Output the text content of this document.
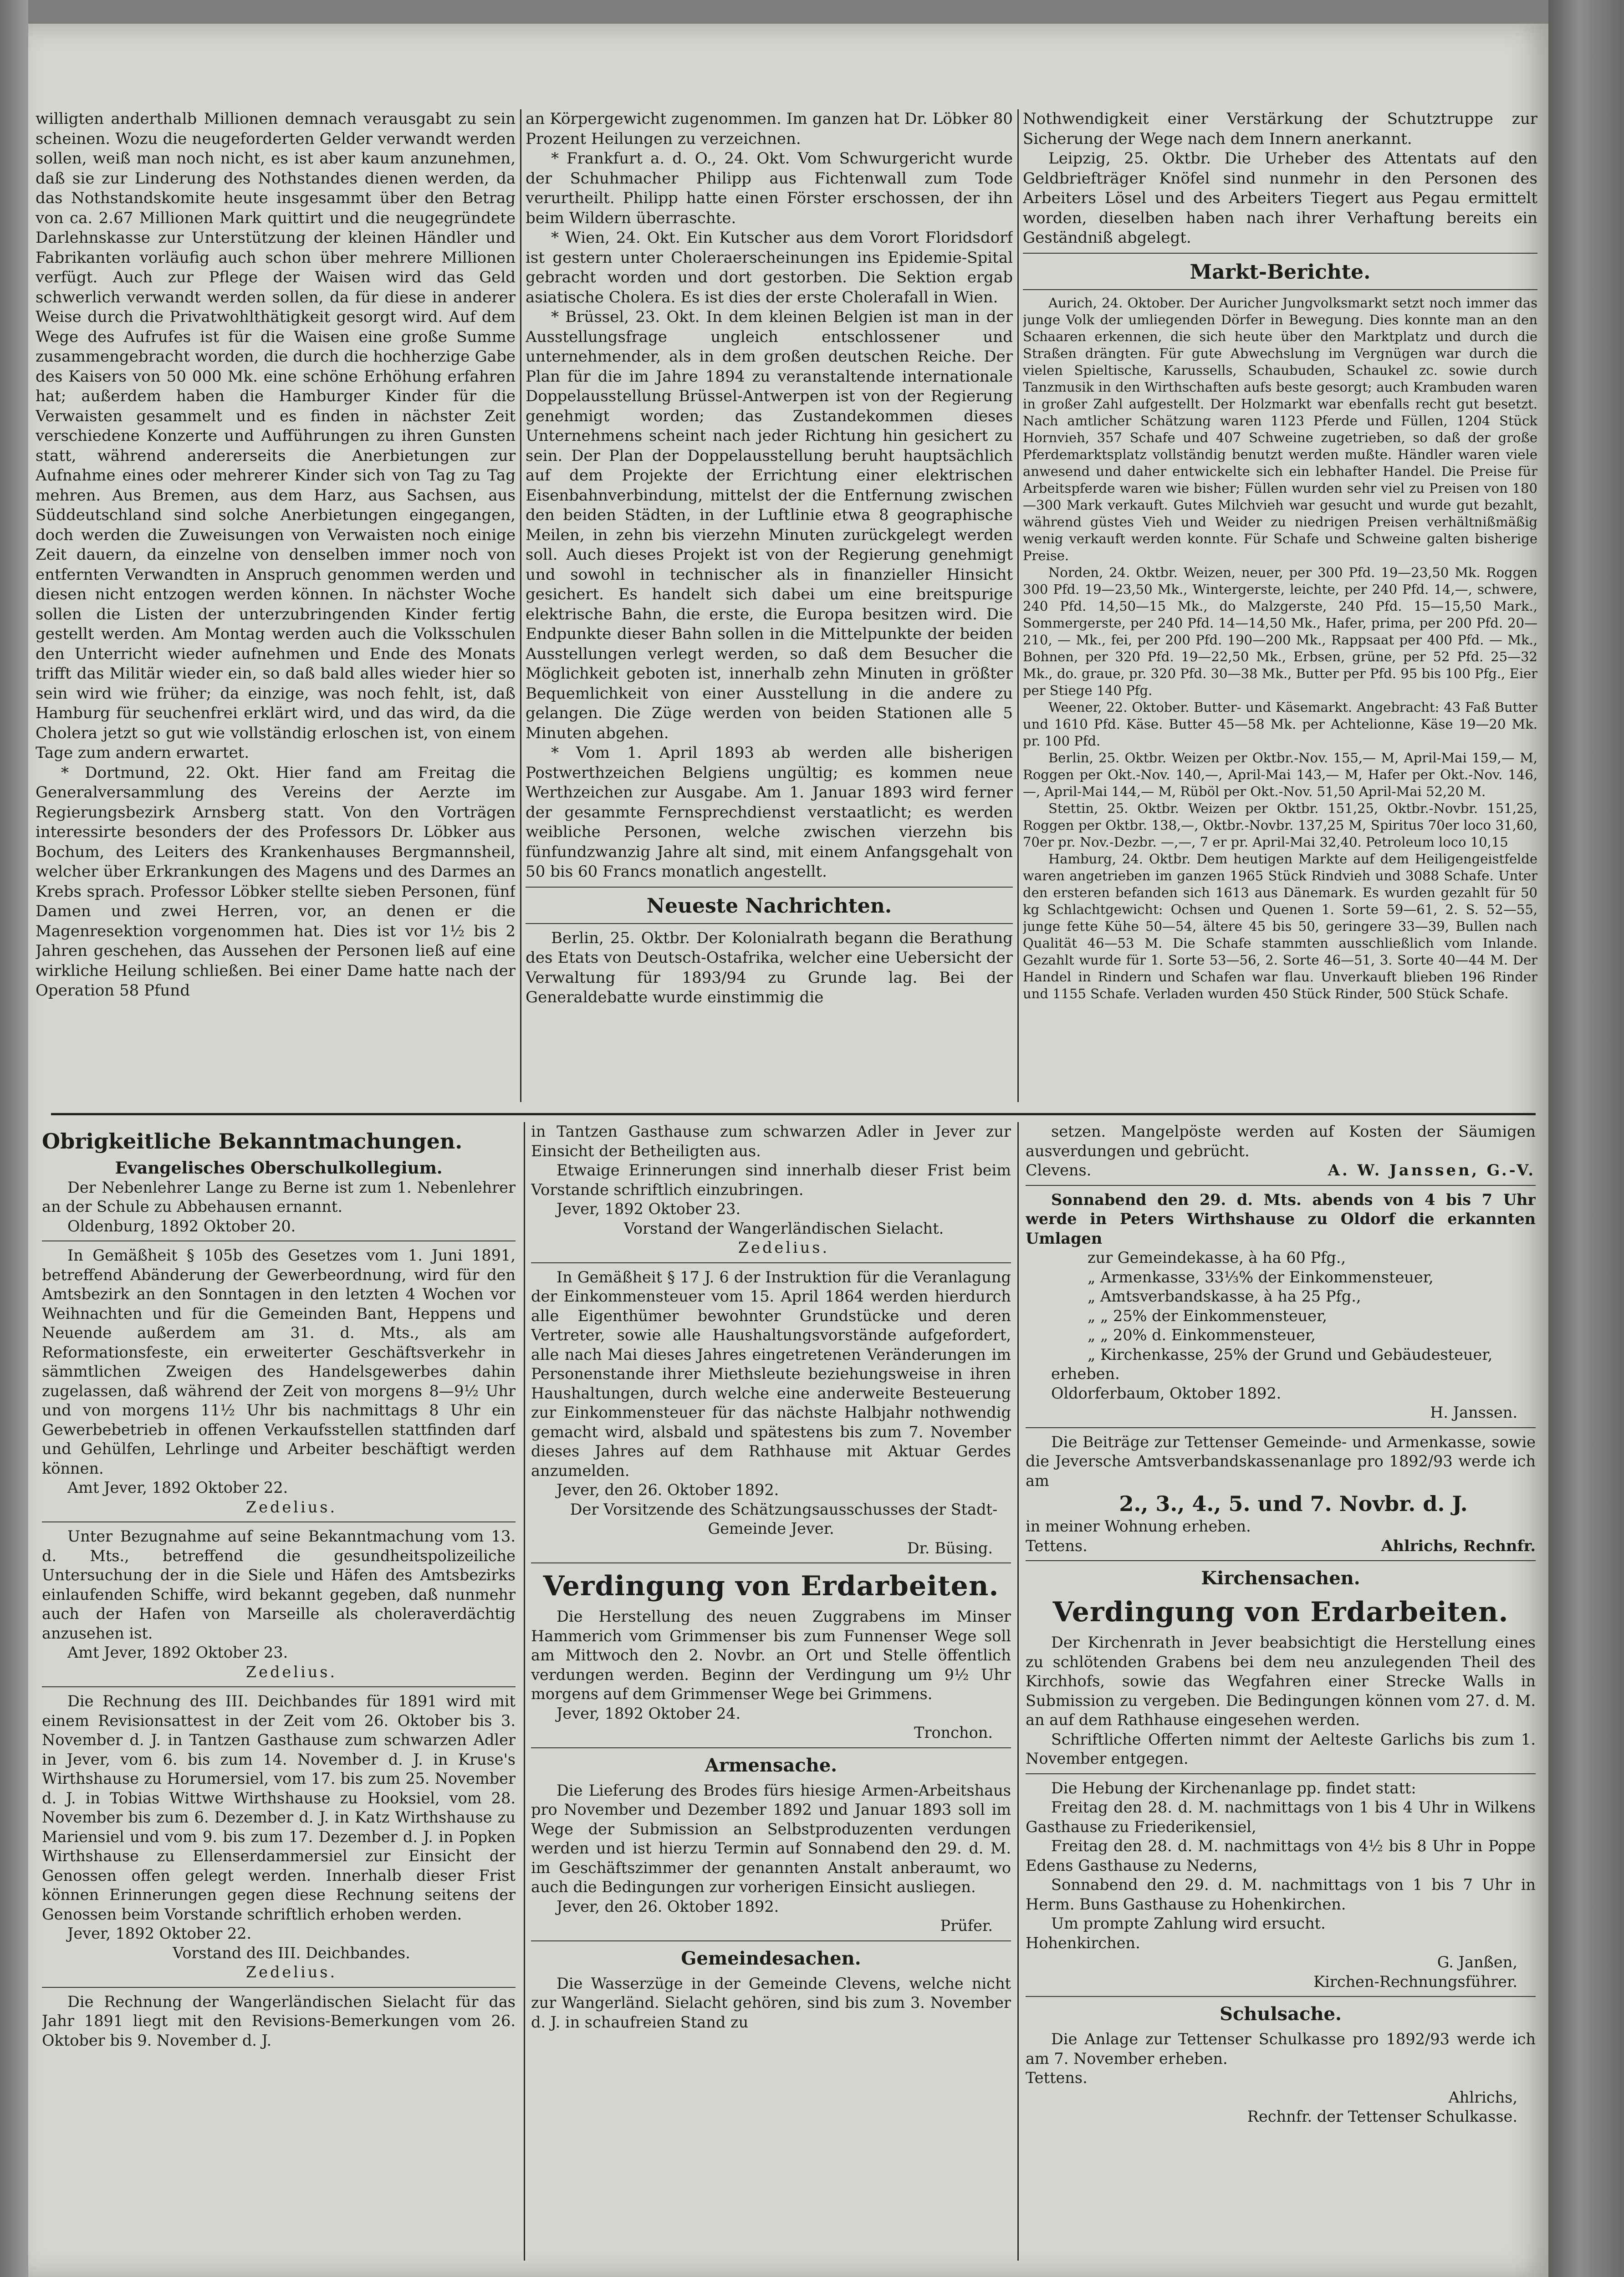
willigten anderthalb Millionen demnach verausgabt zu sein scheinen. Wozu die neugeforderten Gelder verwandt werden sollen, weiß man noch nicht, es ist aber kaum anzunehmen, daß sie zur Linderung des Nothstandes dienen werden, da das Nothstandskomite heute insgesammt über den Betrag von ca. 2.67 Millionen Mark quittirt und die neugegründete Darlehnskasse zur Unterstützung der kleinen Händler und Fabrikanten vorläufig auch schon über mehrere Millionen verfügt. Auch zur Pflege der Waisen wird das Geld schwerlich verwandt werden sollen, da für diese in anderer Weise durch die Privatwohlthätigkeit gesorgt wird. Auf dem Wege des Aufrufes ist für die Waisen eine große Summe zusammengebracht worden, die durch die hochherzige Gabe des Kaisers von 50 000 Mk. eine schöne Erhöhung erfahren hat; außerdem haben die Hamburger Kinder für die Verwaisten gesammelt und es finden in nächster Zeit verschiedene Konzerte und Aufführungen zu ihren Gunsten statt, während andererseits die Anerbietungen zur Aufnahme eines oder mehrerer Kinder sich von Tag zu Tag mehren. Aus Bremen, aus dem Harz, aus Sachsen, aus Süddeutschland sind solche Anerbietungen eingegangen, doch werden die Zuweisungen von Verwaisten noch einige Zeit dauern, da einzelne von denselben immer noch von entfernten Verwandten in Anspruch genommen werden und diesen nicht entzogen werden können. In nächster Woche sollen die Listen der unterzubringenden Kinder fertig gestellt werden. Am Montag werden auch die Volksschulen den Unterricht wieder aufnehmen und Ende des Monats trifft das Militär wieder ein, so daß bald alles wieder hier so sein wird wie früher; da einzige, was noch fehlt, ist, daß Hamburg für seuchenfrei erklärt wird, und das wird, da die Cholera jetzt so gut wie vollständig erloschen ist, von einem Tage zum andern erwartet.

* Dortmund, 22. Okt. Hier fand am Freitag die Generalversammlung des Vereins der Aerzte im Regierungsbezirk Arnsberg statt. Von den Vorträgen interessirte besonders der des Professors Dr. Löbker aus Bochum, des Leiters des Krankenhauses Bergmannsheil, welcher über Erkrankungen des Magens und des Darmes an Krebs sprach. Professor Löbker stellte sieben Personen, fünf Damen und zwei Herren, vor, an denen er die Magenresektion vorgenommen hat. Dies ist vor 1½ bis 2 Jahren geschehen, das Aussehen der Personen ließ auf eine wirkliche Heilung schließen. Bei einer Dame hatte nach der Operation 58 Pfund

an Körpergewicht zugenommen. Im ganzen hat Dr. Löbker 80 Prozent Heilungen zu verzeichnen.

* Frankfurt a. d. O., 24. Okt. Vom Schwurgericht wurde der Schuhmacher Philipp aus Fichtenwall zum Tode verurtheilt. Philipp hatte einen Förster erschossen, der ihn beim Wildern überraschte.

* Wien, 24. Okt. Ein Kutscher aus dem Vorort Floridsdorf ist gestern unter Cholerаerscheinungen ins Epidemie-Spital gebracht worden und dort gestorben. Die Sektion ergab asiatische Cholera. Es ist dies der erste Cholerafall in Wien.

* Brüssel, 23. Okt. In dem kleinen Belgien ist man in der Ausstellungsfrage ungleich entschlossener und unternehmender, als in dem großen deutschen Reiche. Der Plan für die im Jahre 1894 zu veranstaltende internationale Doppelausstellung Brüssel-Antwerpen ist von der Regierung genehmigt worden; das Zustandekommen dieses Unternehmens scheint nach jeder Richtung hin gesichert zu sein. Der Plan der Doppelausstellung beruht hauptsächlich auf dem Projekte der Errichtung einer elektrischen Eisenbahnverbindung, mittelst der die Entfernung zwischen den beiden Städten, in der Luftlinie etwa 8 geographische Meilen, in zehn bis vierzehn Minuten zurückgelegt werden soll. Auch dieses Projekt ist von der Regierung genehmigt und sowohl in technischer als in finanzieller Hinsicht gesichert. Es handelt sich dabei um eine breitspurige elektrische Bahn, die erste, die Europa besitzen wird. Die Endpunkte dieser Bahn sollen in die Mittelpunkte der beiden Ausstellungen verlegt werden, so daß dem Besucher die Möglichkeit geboten ist, innerhalb zehn Minuten in größter Bequemlichkeit von einer Ausstellung in die andere zu gelangen. Die Züge werden von beiden Stationen alle 5 Minuten abgehen.

* Vom 1. April 1893 ab werden alle bisherigen Postwerthzeichen Belgiens ungültig; es kommen neue Werthzeichen zur Ausgabe. Am 1. Januar 1893 wird ferner der gesammte Fernsprechdienst verstaatlicht; es werden weibliche Personen, welche zwischen vierzehn bis fünfundzwanzig Jahre alt sind, mit einem Anfangsgehalt von 50 bis 60 Francs monatlich angestellt.

Neueste Nachrichten.

Berlin, 25. Oktbr. Der Kolonialrath begann die Berathung des Etats von Deutsch-Ostafrika, welcher eine Uebersicht der Verwaltung für 1893/94 zu Grunde lag. Bei der Generaldebatte wurde einstimmig die

Nothwendigkeit einer Verstärkung der Schutztruppe zur Sicherung der Wege nach dem Innern anerkannt.

Leipzig, 25. Oktbr. Die Urheber des Attentats auf den Geldbriefträger Knöfel sind nunmehr in den Personen des Arbeiters Lösel und des Arbeiters Tiegert aus Pegau ermittelt worden, dieselben haben nach ihrer Verhaftung bereits ein Geständniß abgelegt.

Markt-Berichte.

Aurich, 24. Oktober. Der Auricher Jungvolksmarkt setzt noch immer das junge Volk der umliegenden Dörfer in Bewegung. Dies konnte man an den Schaaren erkennen, die sich heute über den Marktplatz und durch die Straßen drängten. Für gute Abwechslung im Vergnügen war durch die vielen Spieltische, Karussells, Schaubuden, Schaukel zc. sowie durch Tanzmusik in den Wirthschaften aufs beste gesorgt; auch Krambuden waren in großer Zahl aufgestellt. Der Holzmarkt war ebenfalls recht gut besetzt. Nach amtlicher Schätzung waren 1123 Pferde und Füllen, 1204 Stück Hornvieh, 357 Schafe und 407 Schweine zugetrieben, so daß der große Pferdemarktsplatz vollständig benutzt werden mußte. Händler waren viele anwesend und daher entwickelte sich ein lebhafter Handel. Die Preise für Arbeitspferde waren wie bisher; Füllen wurden sehr viel zu Preisen von 180—300 Mark verkauft. Gutes Milchvieh war gesucht und wurde gut bezahlt, während güstes Vieh und Weider zu niedrigen Preisen verhältnißmäßig wenig verkauft werden konnte. Für Schafe und Schweine galten bisherige Preise.

Norden, 24. Oktbr. Weizen, neuer, per 300 Pfd. 19—23,50 Mk. Roggen 300 Pfd. 19—23,50 Mk., Wintergerste, leichte, per 240 Pfd. 14,—, schwere, 240 Pfd. 14,50—15 Mk., do Malzgerste, 240 Pfd. 15—15,50 Mark., Sommergerste, per 240 Pfd. 14—14,50 Mk., Hafer, prima, per 200 Pfd. 20—210, — Mk., fei, per 200 Pfd. 190—200 Mk., Rappsaat per 400 Pfd. — Mk., Bohnen, per 320 Pfd. 19—22,50 Mk., Erbsen, grüne, per 52 Pfd. 25—32 Mk., do. graue, pr. 320 Pfd. 30—38 Mk., Butter per Pfd. 95 bis 100 Pfg., Eier per Stiege 140 Pfg.

Weener, 22. Oktober. Butter- und Käsemarkt. Angebracht: 43 Faß Butter und 1610 Pfd. Käse. Butter 45—58 Mk. per Achtelionne, Käse 19—20 Mk. pr. 100 Pfd.

Berlin, 25. Oktbr. Weizen per Oktbr.-Nov. 155,— M, April-Mai 159,— M, Roggen per Okt.-Nov. 140,—, April-Mai 143,— M, Hafer per Okt.-Nov. 146,—, April-Mai 144,— M, Rüböl per Okt.-Nov. 51,50 April-Mai 52,20 M.

Stettin, 25. Oktbr. Weizen per Oktbr. 151,25, Oktbr.-Novbr. 151,25, Roggen per Oktbr. 138,—, Oktbr.-Novbr. 137,25 M, Spiritus 70er loco 31,60, 70er pr. Nov.-Dezbr. —,—, 7 er pr. April-Mai 32,40. Petroleum loco 10,15

Hamburg, 24. Oktbr. Dem heutigen Markte auf dem Heiligengeistfelde waren angetrieben im ganzen 1965 Stück Rindvieh und 3088 Schafe. Unter den ersteren befanden sich 1613 aus Dänemark. Es wurden gezahlt für 50 kg Schlachtgewicht: Ochsen und Quenen 1. Sorte 59—61, 2. S. 52—55, junge fette Kühe 50—54, ältere 45 bis 50, geringere 33—39, Bullen nach Qualität 46—53 M. Die Schafe stammten ausschließlich vom Inlande. Gezahlt wurde für 1. Sorte 53—56, 2. Sorte 46—51, 3. Sorte 40—44 M. Der Handel in Rindern und Schafen war flau. Unverkauft blieben 196 Rinder und 1155 Schafe. Verladen wurden 450 Stück Rinder, 500 Stück Schafe.

Obrigkeitliche Bekanntmachungen.
Evangelisches Oberschulkollegium.

Der Nebenlehrer Lange zu Berne ist zum 1. Nebenlehrer an der Schule zu Abbehausen ernannt.

Oldenburg, 1892 Oktober 20.

In Gemäßheit § 105b des Gesetzes vom 1. Juni 1891, betreffend Abänderung der Gewerbeordnung, wird für den Amtsbezirk an den Sonntagen in den letzten 4 Wochen vor Weihnachten und für die Gemeinden Bant, Heppens und Neuende außerdem am 31. d. Mts., als am Reformationsfeste, ein erweiterter Geschäftsverkehr in sämmtlichen Zweigen des Handelsgewerbes dahin zugelassen, daß während der Zeit von morgens 8—9½ Uhr und von morgens 11½ Uhr bis nachmittags 8 Uhr ein Gewerbebetrieb in offenen Verkaufsstellen stattfinden darf und Gehülfen, Lehrlinge und Arbeiter beschäftigt werden können.

Amt Jever, 1892 Oktober 22.

Zedelius.

Unter Bezugnahme auf seine Bekanntmachung vom 13. d. Mts., betreffend die gesundheitspolizeiliche Untersuchung der in die Siele und Häfen des Amtsbezirks einlaufenden Schiffe, wird bekannt gegeben, daß nunmehr auch der Hafen von Marseille als choleraverdächtig anzusehen ist.

Amt Jever, 1892 Oktober 23.

Zedelius.

Die Rechnung des III. Deichbandes für 1891 wird mit einem Revisionsattest in der Zeit vom 26. Oktober bis 3. November d. J. in Tantzen Gasthause zum schwarzen Adler in Jever, vom 6. bis zum 14. November d. J. in Kruse's Wirthshause zu Horumersiel, vom 17. bis zum 25. November d. J. in Tobias Wittwe Wirthshause zu Hooksiel, vom 28. November bis zum 6. Dezember d. J. in Katz Wirthshause zu Mariensiel und vom 9. bis zum 17. Dezember d. J. in Popken Wirthshause zu Ellenserdammersiel zur Einsicht der Genossen offen gelegt werden. Innerhalb dieser Frist können Erinnerungen gegen diese Rechnung seitens der Genossen beim Vorstande schriftlich erhoben werden.

Jever, 1892 Oktober 22.

Vorstand des III. Deichbandes.

Zedelius.

Die Rechnung der Wangerländischen Sielacht für das Jahr 1891 liegt mit den Revisions-Bemerkungen vom 26. Oktober bis 9. November d. J.

in Tantzen Gasthause zum schwarzen Adler in Jever zur Einsicht der Betheiligten aus.

Etwaige Erinnerungen sind innerhalb dieser Frist beim Vorstande schriftlich einzubringen.

Jever, 1892 Oktober 23.

Vorstand der Wangerländischen Sielacht.

Zedelius.

In Gemäßheit § 17 J. 6 der Instruktion für die Veranlagung der Einkommensteuer vom 15. April 1864 werden hierdurch alle Eigenthümer bewohnter Grundstücke und deren Vertreter, sowie alle Haushaltungsvorstände aufgefordert, alle nach Mai dieses Jahres eingetretenen Veränderungen im Personenstande ihrer Miethsleute beziehungsweise in ihren Haushaltungen, durch welche eine anderweite Besteuerung zur Einkommensteuer für das nächste Halbjahr nothwendig gemacht wird, alsbald und spätestens bis zum 7. November dieses Jahres auf dem Rathhause mit Aktuar Gerdes anzumelden.

Jever, den 26. Oktober 1892.

Der Vorsitzende des Schätzungsausschusses der Stadt-Gemeinde Jever.

Dr. Büsing.

Verdingung von Erdarbeiten.

Die Herstellung des neuen Zuggrabens im Minser Hammerich vom Grimmenser bis zum Funnenser Wege soll am Mittwoch den 2. Novbr. an Ort und Stelle öffentlich verdungen werden. Beginn der Verdingung um 9½ Uhr morgens auf dem Grimmenser Wege bei Grimmens.

Jever, 1892 Oktober 24.

Tronchon.

Armensache.

Die Lieferung des Brodes fürs hiesige Armen-Arbeitshaus pro November und Dezember 1892 und Januar 1893 soll im Wege der Submission an Selbstproduzenten verdungen werden und ist hierzu Termin auf Sonnabend den 29. d. M. im Geschäftszimmer der genannten Anstalt anberaumt, wo auch die Bedingungen zur vorherigen Einsicht ausliegen.

Jever, den 26. Oktober 1892.

Prüfer.

Gemeindesachen.

Die Wasserzüge in der Gemeinde Clevens, welche nicht zur Wangerländ. Sielacht gehören, sind bis zum 3. November d. J. in schaufreien Stand zu

setzen. Mangelpöste werden auf Kosten der Säumigen ausverdungen und gebrücht.

Clevens.	A. W. Janssen, G.-V.

Sonnabend den 29. d. Mts. abends von 4 bis 7 Uhr werde in Peters Wirthshause zu Oldorf die erkannten Umlagen

zur Gemeindekasse, à ha 60 Pfg.,

„ Armenkasse, 33⅓% der Einkommensteuer,

„ Amtsverbandskasse, à ha 25 Pfg.,

„ „ 25% der Einkommensteuer,

„ „ 20% d. Einkommensteuer,

„ Kirchenkasse, 25% der Grund und Gebäudesteuer,

erheben.

Oldorferbaum, Oktober 1892.

H. Janssen.

Die Beiträge zur Tettenser Gemeinde- und Armenkasse, sowie die Jeversche Amtsverbandskassenanlage pro 1892/93 werde ich am

2., 3., 4., 5. und 7. Novbr. d. J.

in meiner Wohnung erheben.

Tettens.	Ahlrichs, Rechnfr.
Kirchensachen.
Verdingung von Erdarbeiten.

Der Kirchenrath in Jever beabsichtigt die Herstellung eines zu schlötenden Grabens bei dem neu anzulegenden Theil des Kirchhofs, sowie das Wegfahren einer Strecke Walls in Submission zu vergeben. Die Bedingungen können vom 27. d. M. an auf dem Rathhause eingesehen werden.

Schriftliche Offerten nimmt der Aelteste Garlichs bis zum 1. November entgegen.

Die Hebung der Kirchenanlage pp. findet statt:

Freitag den 28. d. M. nachmittags von 1 bis 4 Uhr in Wilkens Gasthause zu Friederikensiel,

Freitag den 28. d. M. nachmittags von 4½ bis 8 Uhr in Poppe Edens Gasthause zu Nederns,

Sonnabend den 29. d. M. nachmittags von 1 bis 7 Uhr in Herm. Buns Gasthause zu Hohenkirchen.

Um prompte Zahlung wird ersucht.

Hohenkirchen.

G. Janßen,

Kirchen-Rechnungsführer.

Schulsache.

Die Anlage zur Tettenser Schulkasse pro 1892/93 werde ich am 7. November erheben.

Tettens.

Ahlrichs,

Rechnfr. der Tettenser Schulkasse.
